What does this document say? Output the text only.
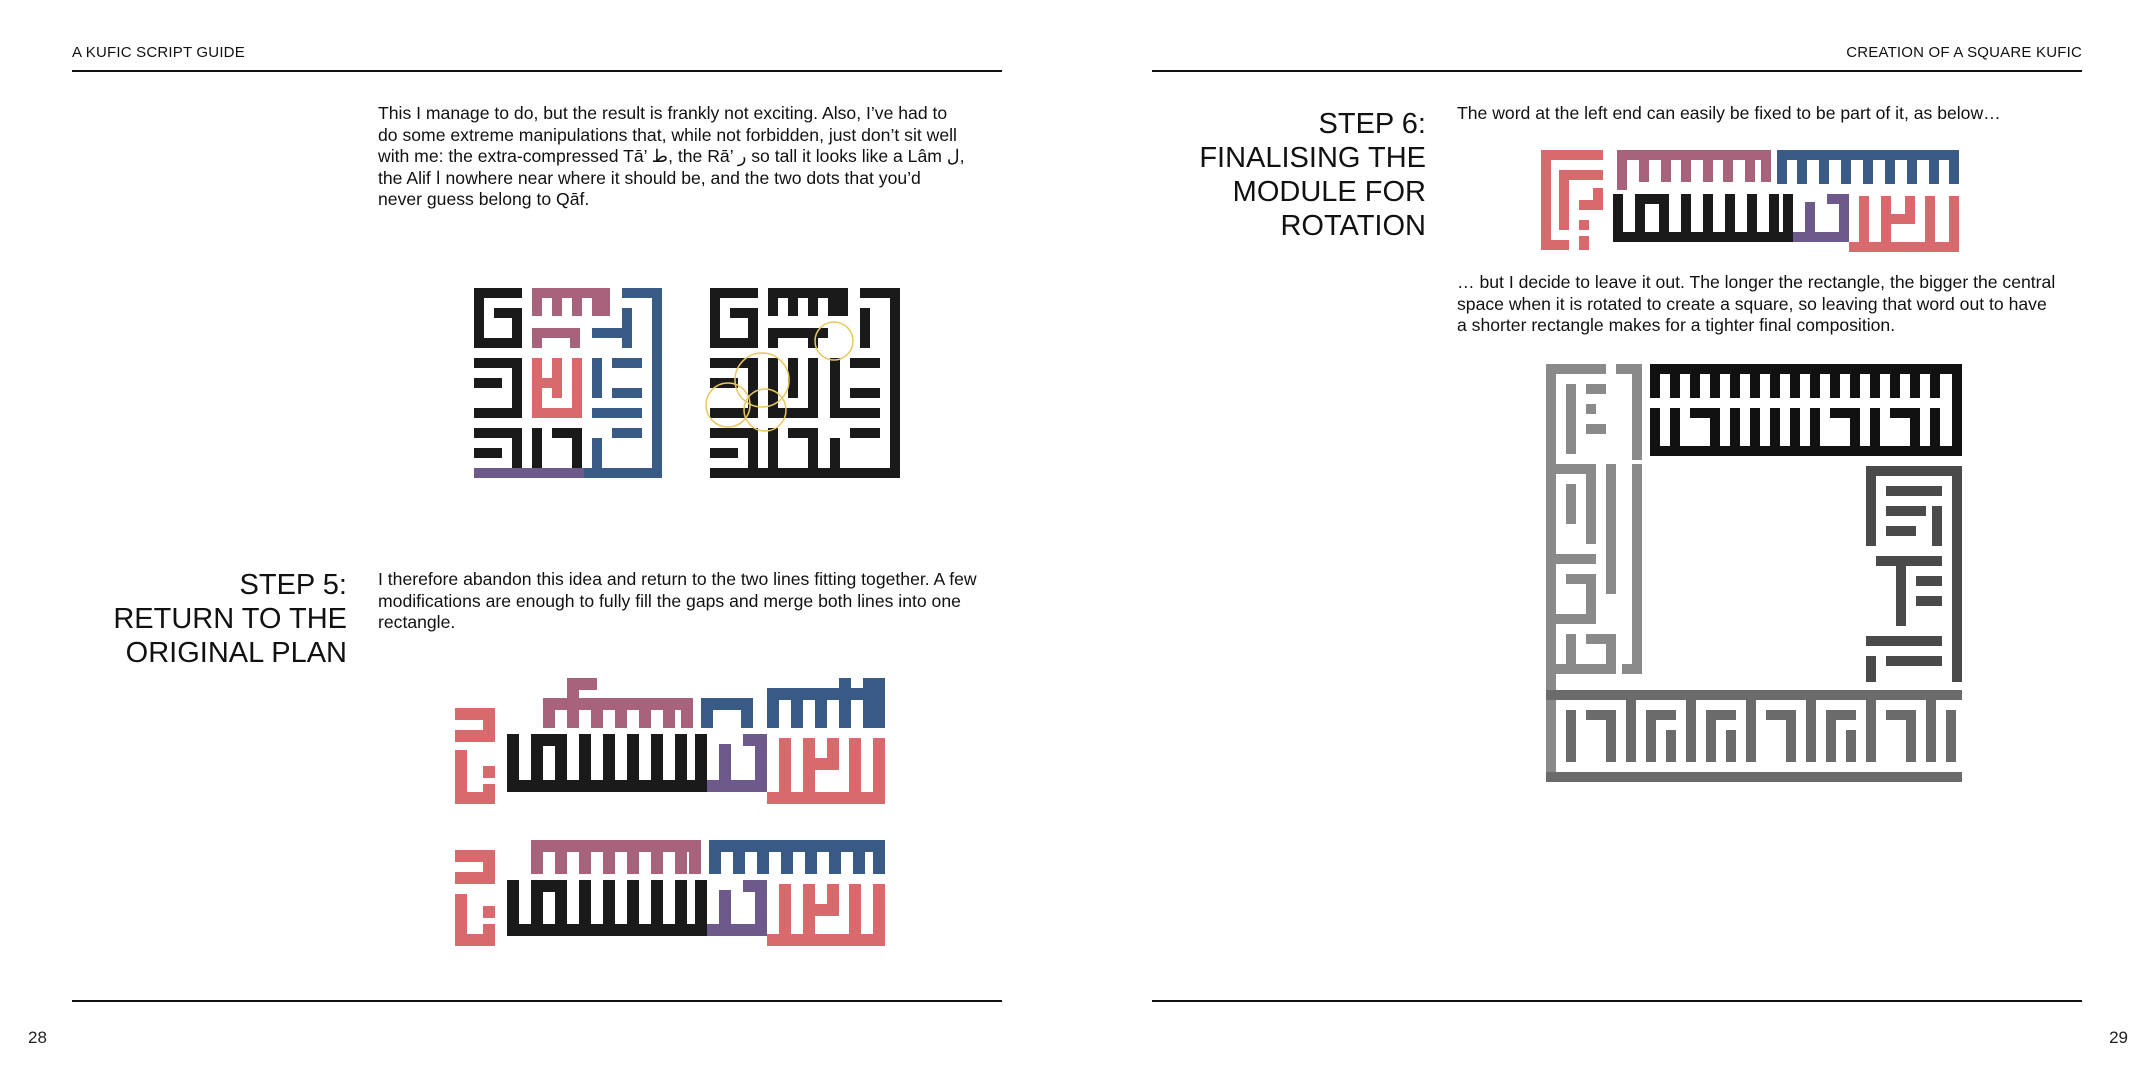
A KUFIC SCRIPT GUIDE
This I manage to do, but the result is frankly not exciting. Also, I’ve had to do some extreme manipulations that, while not forbidden, just don’t sit well with me: the extra-compressed Tā’ ط, the Rā’ ر so tall it looks like a Lâm ل, the Alif ا nowhere near where it should be, and the two dots that you’d never guess belong to Qāf.
STEP 5:
RETURN TO THE
ORIGINAL PLAN
I therefore abandon this idea and return to the two lines fitting together. A few modifications are enough to fully fill the gaps and merge both lines into one rectangle.
28
CREATION OF A SQUARE KUFIC
STEP 6:
FINALISING THE
MODULE FOR
ROTATION
The word at the left end can easily be fixed to be part of it, as below…
… but I decide to leave it out. The longer the rectangle, the bigger the central space when it is rotated to create a square, so leaving that word out to have a shorter rectangle makes for a tighter final composition.
29
